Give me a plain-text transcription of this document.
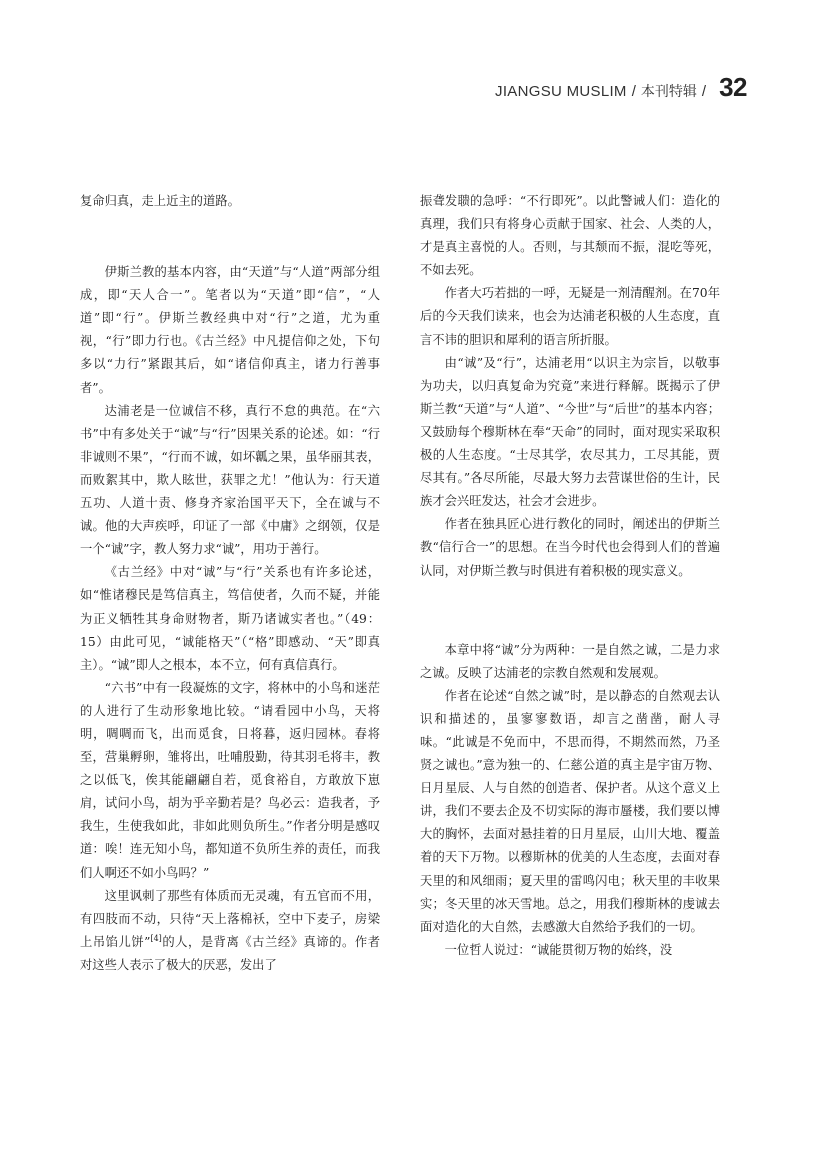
JIANGSU MUSLIM / 本刊特辑 / 32

复命归真，走上近主的道路。

伊斯兰教的基本内容，由“天道”与“人道”两部分组成，即“天人合一”。笔者以为“天道”即“信”，“人道”即“行”。伊斯兰教经典中对“行”之道，尤为重视，“行”即力行也。《古兰经》中凡提信仰之处，下句多以“力行”紧跟其后，如“诸信仰真主，诸力行善事者”。

达浦老是一位诚信不移，真行不怠的典范。在“六书”中有多处关于“诚”与“行”因果关系的论述。如：“行非诚则不果”，“行而不诚，如坏瓤之果，虽华丽其表，而败絮其中，欺人眩世，获罪之尤！”他认为：行天道五功、人道十责、修身齐家治国平天下，全在诚与不诚。他的大声疾呼，印证了一部《中庸》之纲领，仅是一个“诚”字，教人努力求“诚”，用功于善行。

《古兰经》中对“诚”与“行”关系也有许多论述，如“惟诸穆民是笃信真主，笃信使者，久而不疑，并能为正义牺牲其身命财物者，斯乃诸诚实者也。”（49：15）由此可见，“诚能格天”（“格”即感动、“天”即真主）。“诚”即人之根本，本不立，何有真信真行。

“六书”中有一段凝炼的文字，将林中的小鸟和迷茫的人进行了生动形象地比较。“请看园中小鸟，天将明，啁啁而飞，出而觅食，日将暮，返归园林。春将至，营巢孵卵，雏将出，吐哺殷勤，待其羽毛将丰，教之以低飞，俟其能翩翩自若，觅食裕自，方敢放下崽肩，试问小鸟，胡为乎辛勤若是？鸟必云：造我者，予我生，生使我如此，非如此则负所生。”作者分明是感叹道：唉！连无知小鸟，都知道不负所生养的责任，而我们人啊还不如小鸟吗？”

这里讽刺了那些有体质而无灵魂，有五官而不用，有四肢而不动，只待“天上落棉袄，空中下麦子，房梁上吊馅儿饼”[4]的人，是背离《古兰经》真谛的。作者对这些人表示了极大的厌恶，发出了

振聋发聩的急呼：“不行即死”。以此警诫人们：造化的真理，我们只有将身心贡献于国家、社会、人类的人，才是真主喜悦的人。否则，与其颓而不振，混吃等死，不如去死。

作者大巧若拙的一呼，无疑是一剂清醒剂。在70年后的今天我们读来，也会为达浦老积极的人生态度，直言不讳的胆识和犀利的语言所折服。

由“诚”及“行”，达浦老用“以识主为宗旨，以敬事为功夫，以归真复命为究竟”来进行释解。既揭示了伊斯兰教“天道”与“人道”、“今世”与“后世”的基本内容；又鼓励每个穆斯林在奉“天命”的同时，面对现实采取积极的人生态度。“士尽其学，农尽其力，工尽其能，贾尽其有。”各尽所能，尽最大努力去营谋世俗的生计，民族才会兴旺发达，社会才会进步。

作者在独具匠心进行教化的同时，阐述出的伊斯兰教“信行合一”的思想。在当今时代也会得到人们的普遍认同，对伊斯兰教与时俱进有着积极的现实意义。

本章中将“诚”分为两种：一是自然之诚，二是力求之诚。反映了达浦老的宗教自然观和发展观。

作者在论述“自然之诚”时，是以静态的自然观去认识和描述的，虽寥寥数语，却言之凿凿，耐人寻味。“此诚是不免而中，不思而得，不期然而然，乃圣贤之诚也。”意为独一的、仁慈公道的真主是宇宙万物、日月星辰、人与自然的创造者、保护者。从这个意义上讲，我们不要去企及不切实际的海市蜃楼，我们要以博大的胸怀，去面对悬挂着的日月星辰，山川大地、覆盖着的天下万物。以穆斯林的优美的人生态度，去面对春天里的和风细雨；夏天里的雷鸣闪电；秋天里的丰收果实；冬天里的冰天雪地。总之，用我们穆斯林的虔诚去面对造化的大自然，去感激大自然给予我们的一切。

一位哲人说过：“诚能贯彻万物的始终，没
